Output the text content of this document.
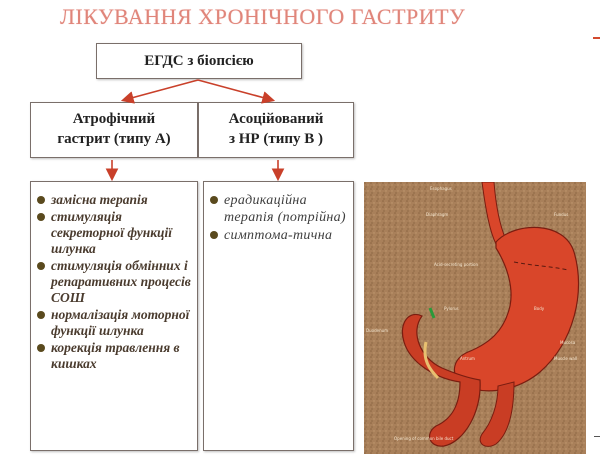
ЛІКУВАННЯ ХРОНІЧНОГО ГАСТРИТУ
ЕГДС з біопсією
Атрофічний
гастрит (типу А)
Асоційований
з НР (типу В )
замісна терапія
стимуляція секреторної функції шлунка
стимуляція обмінних і репаративних процесів СОШ
нормалізація моторної функції шлунка
корекція травлення в кишках
ерадикаційна терапія (потрійна)
симптома-тична
Esophagus
Diaphragm	Fundus
Acid-secreting portion
Pylorus	Body
Duodenum
Antrum
Mucosa
Muscle wall
Opening of common bile duct
